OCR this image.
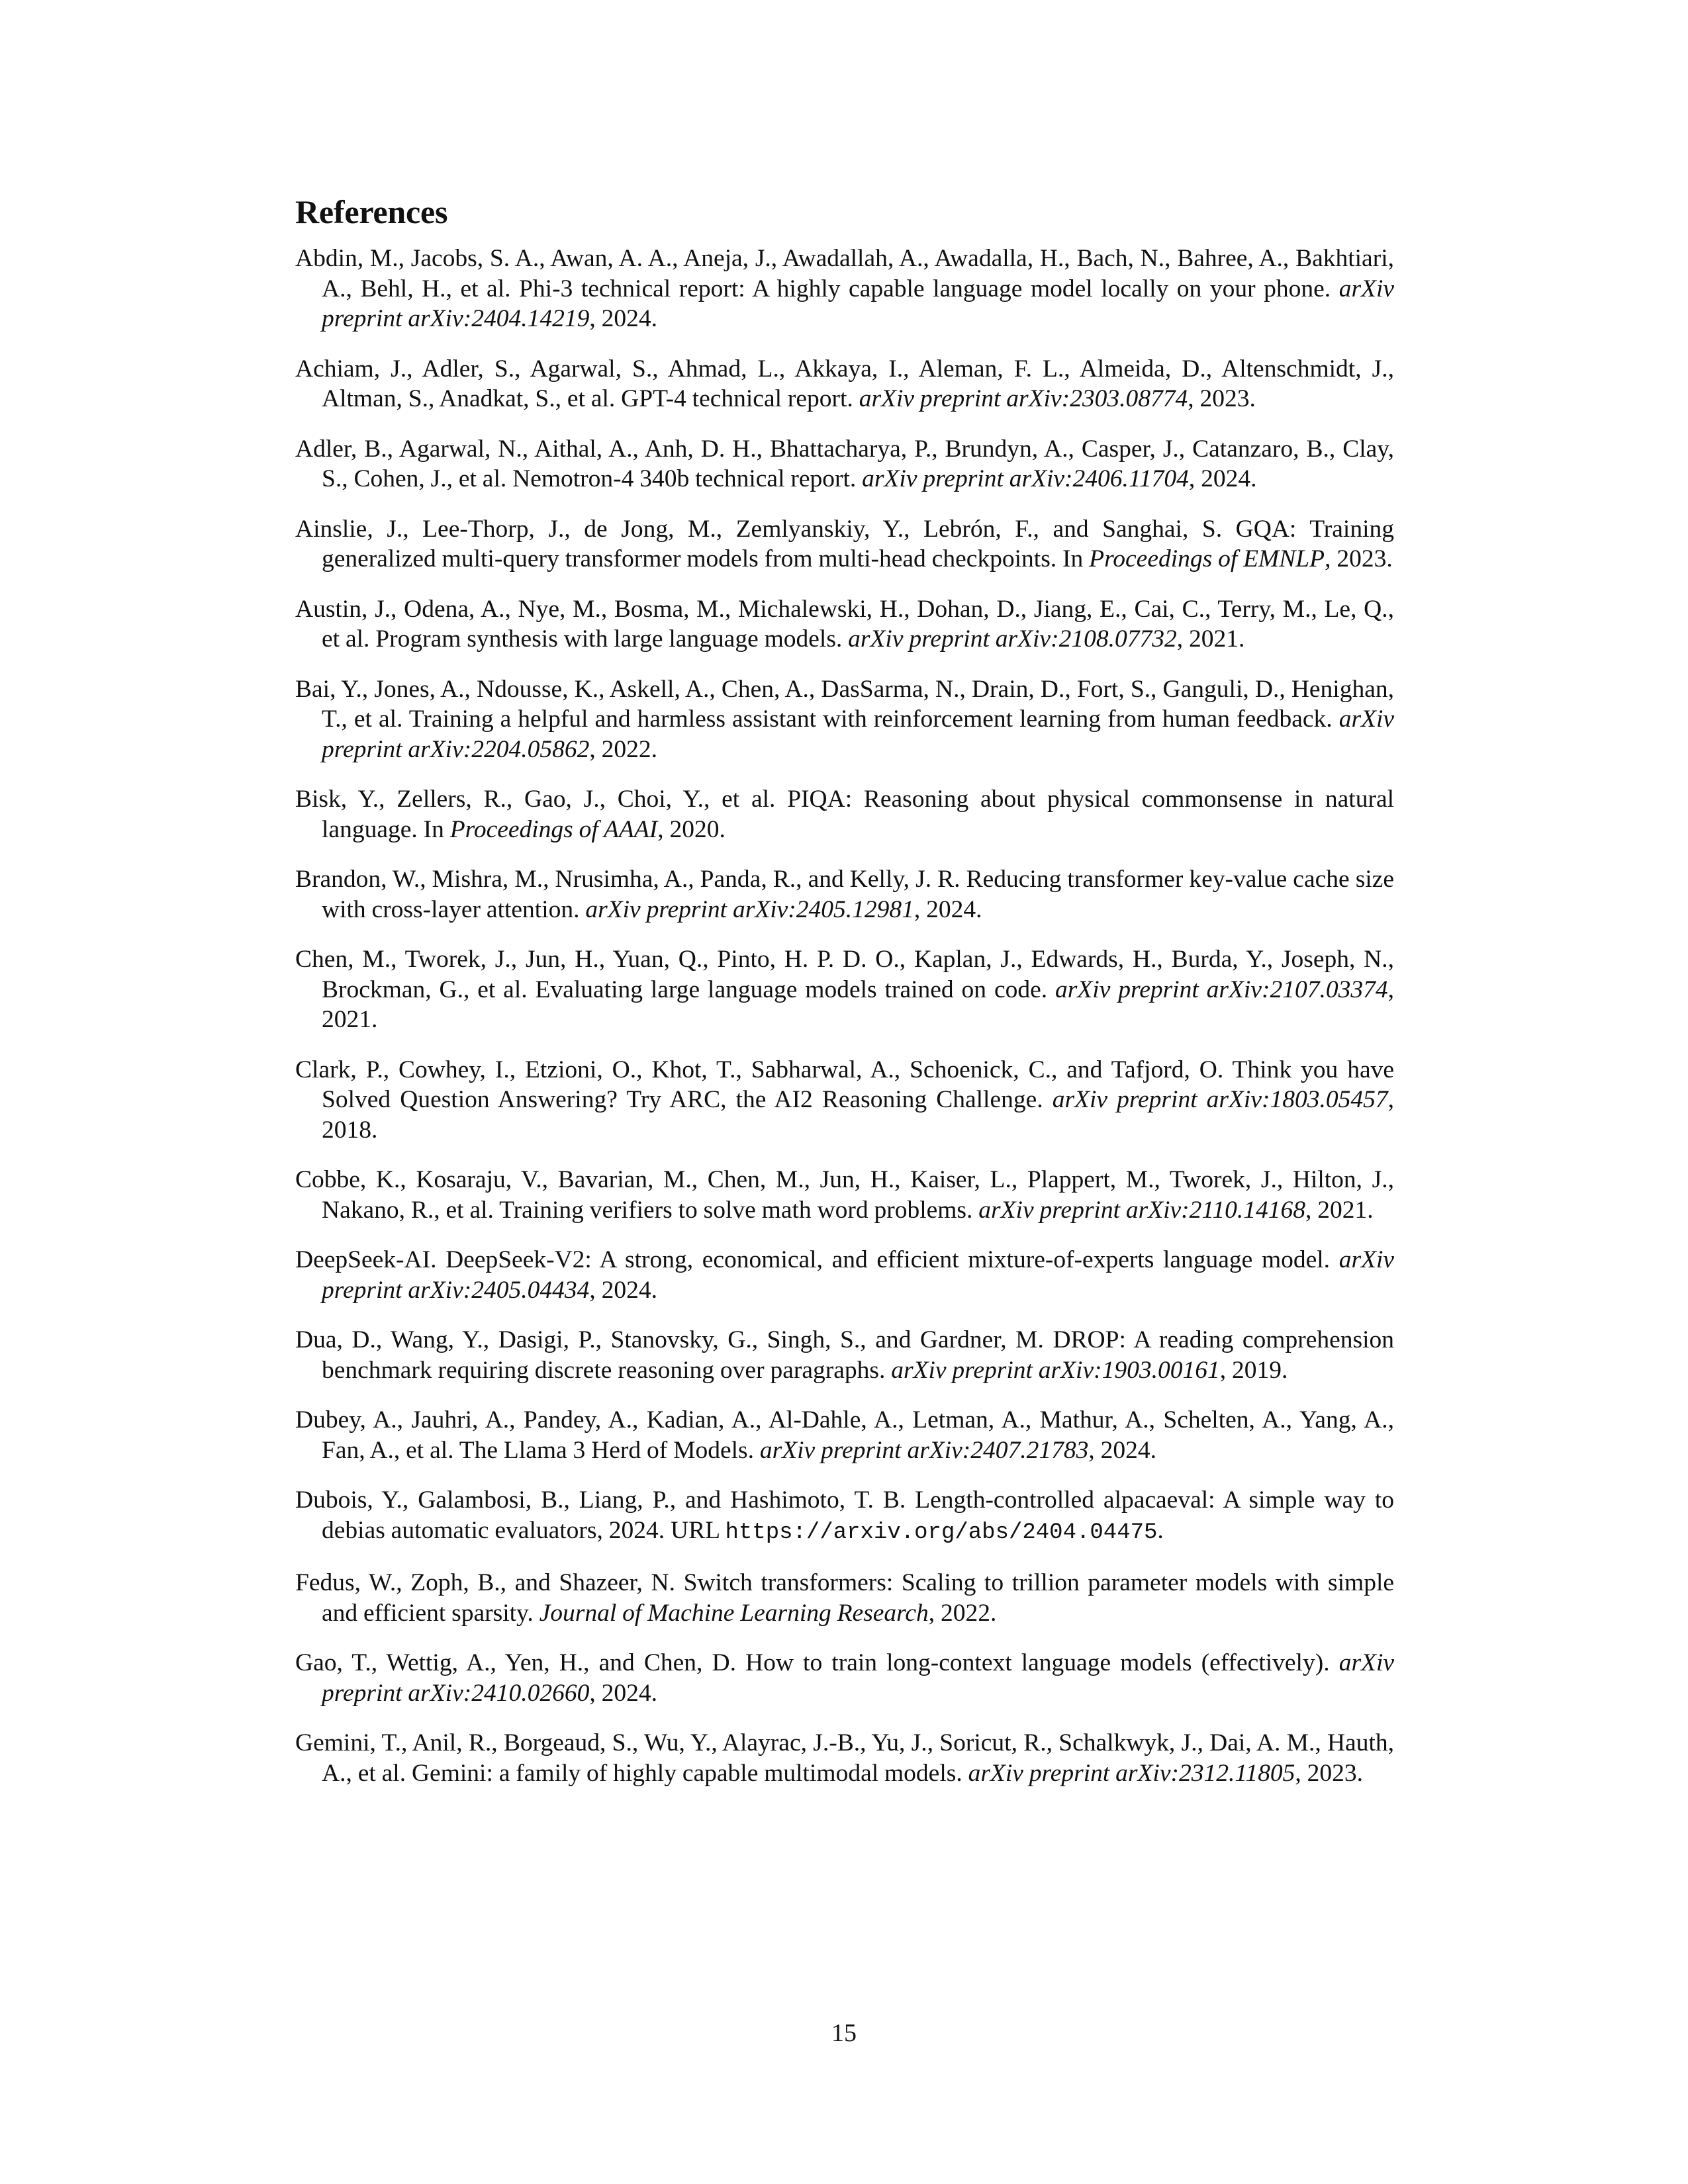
References
Abdin, M., Jacobs, S. A., Awan, A. A., Aneja, J., Awadallah, A., Awadalla, H., Bach, N., Bahree, A., Bakhtiari, A., Behl, H., et al. Phi-3 technical report: A highly capable language model locally on your phone. arXiv preprint arXiv:2404.14219, 2024.
Achiam, J., Adler, S., Agarwal, S., Ahmad, L., Akkaya, I., Aleman, F. L., Almeida, D., Altenschmidt, J., Altman, S., Anadkat, S., et al. GPT-4 technical report. arXiv preprint arXiv:2303.08774, 2023.
Adler, B., Agarwal, N., Aithal, A., Anh, D. H., Bhattacharya, P., Brundyn, A., Casper, J., Catanzaro, B., Clay, S., Cohen, J., et al. Nemotron-4 340b technical report. arXiv preprint arXiv:2406.11704, 2024.
Ainslie, J., Lee-Thorp, J., de Jong, M., Zemlyanskiy, Y., Lebrón, F., and Sanghai, S. GQA: Training generalized multi-query transformer models from multi-head checkpoints. In Proceedings of EMNLP, 2023.
Austin, J., Odena, A., Nye, M., Bosma, M., Michalewski, H., Dohan, D., Jiang, E., Cai, C., Terry, M., Le, Q., et al. Program synthesis with large language models. arXiv preprint arXiv:2108.07732, 2021.
Bai, Y., Jones, A., Ndousse, K., Askell, A., Chen, A., DasSarma, N., Drain, D., Fort, S., Ganguli, D., Henighan, T., et al. Training a helpful and harmless assistant with reinforcement learning from human feedback. arXiv preprint arXiv:2204.05862, 2022.
Bisk, Y., Zellers, R., Gao, J., Choi, Y., et al. PIQA: Reasoning about physical commonsense in natural language. In Proceedings of AAAI, 2020.
Brandon, W., Mishra, M., Nrusimha, A., Panda, R., and Kelly, J. R. Reducing transformer key-value cache size with cross-layer attention. arXiv preprint arXiv:2405.12981, 2024.
Chen, M., Tworek, J., Jun, H., Yuan, Q., Pinto, H. P. D. O., Kaplan, J., Edwards, H., Burda, Y., Joseph, N., Brockman, G., et al. Evaluating large language models trained on code. arXiv preprint arXiv:2107.03374, 2021.
Clark, P., Cowhey, I., Etzioni, O., Khot, T., Sabharwal, A., Schoenick, C., and Tafjord, O. Think you have Solved Question Answering? Try ARC, the AI2 Reasoning Challenge. arXiv preprint arXiv:1803.05457, 2018.
Cobbe, K., Kosaraju, V., Bavarian, M., Chen, M., Jun, H., Kaiser, L., Plappert, M., Tworek, J., Hilton, J., Nakano, R., et al. Training verifiers to solve math word problems. arXiv preprint arXiv:2110.14168, 2021.
DeepSeek-AI. DeepSeek-V2: A strong, economical, and efficient mixture-of-experts language model. arXiv preprint arXiv:2405.04434, 2024.
Dua, D., Wang, Y., Dasigi, P., Stanovsky, G., Singh, S., and Gardner, M. DROP: A reading comprehension benchmark requiring discrete reasoning over paragraphs. arXiv preprint arXiv:1903.00161, 2019.
Dubey, A., Jauhri, A., Pandey, A., Kadian, A., Al-Dahle, A., Letman, A., Mathur, A., Schelten, A., Yang, A., Fan, A., et al. The Llama 3 Herd of Models. arXiv preprint arXiv:2407.21783, 2024.
Dubois, Y., Galambosi, B., Liang, P., and Hashimoto, T. B. Length-controlled alpacaeval: A simple way to debias automatic evaluators, 2024. URL https://arxiv.org/abs/2404.04475.
Fedus, W., Zoph, B., and Shazeer, N. Switch transformers: Scaling to trillion parameter models with simple and efficient sparsity. Journal of Machine Learning Research, 2022.
Gao, T., Wettig, A., Yen, H., and Chen, D. How to train long-context language models (effectively). arXiv preprint arXiv:2410.02660, 2024.
Gemini, T., Anil, R., Borgeaud, S., Wu, Y., Alayrac, J.-B., Yu, J., Soricut, R., Schalkwyk, J., Dai, A. M., Hauth, A., et al. Gemini: a family of highly capable multimodal models. arXiv preprint arXiv:2312.11805, 2023.
15
